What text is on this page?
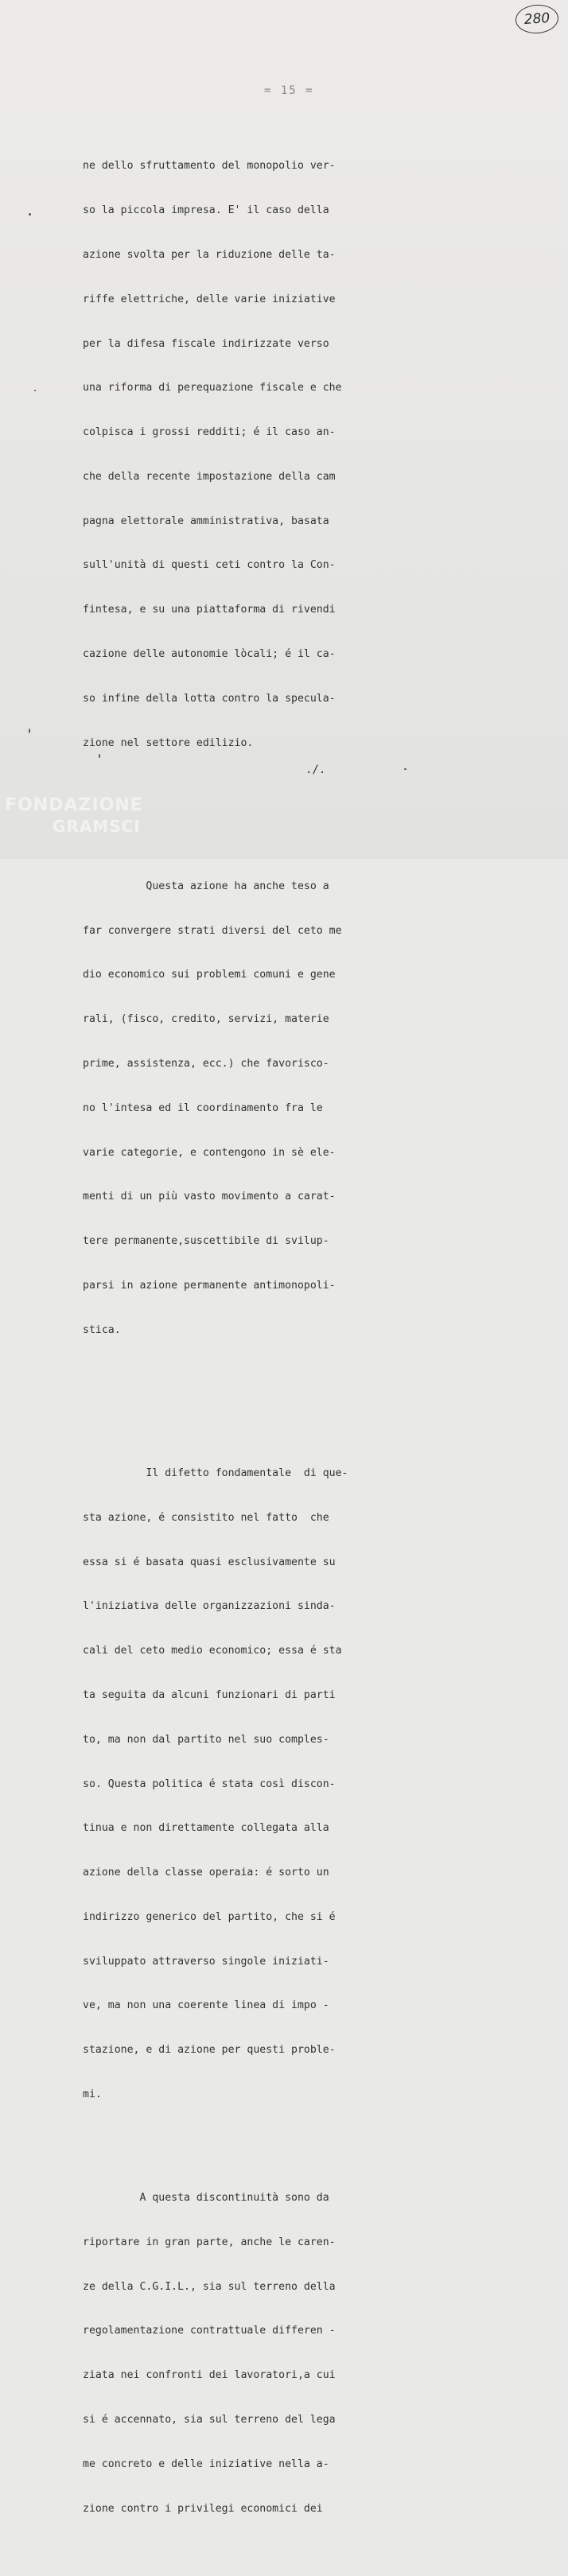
280
= 15 =

ne dello sfruttamento del monopolio ver-

so la piccola impresa. E' il caso della

azione svolta per la riduzione delle ta-

riffe elettriche, delle varie iniziative

per la difesa fiscale indirizzate verso

una riforma di perequazione fiscale e che

colpisca i grossi redditi; é il caso an-

che della recente impostazione della cam

pagna elettorale amministrativa, basata

sull'unità di questi ceti contro la Con-

fintesa, e su una piattaforma di rivendi

cazione delle autonomie lòcali; é il ca-

so infine della lotta contro la specula-

zione nel settore edilizio.

Questa azione ha anche teso a

far convergere strati diversi del ceto me

dio economico sui problemi comuni e gene

rali, (fisco, credito, servizi, materie

prime, assistenza, ecc.) che favorisco-

no l'intesa ed il coordinamento fra le

varie categorie, e contengono in sè ele-

menti di un più vasto movimento a carat-

tere permanente,suscettibile di svilup-

parsi in azione permanente antimonopoli-

stica.

Il difetto fondamentale  di que-

sta azione, é consistito nel fatto  che

essa si é basata quasi esclusivamente su

l'iniziativa delle organizzazioni sinda-

cali del ceto medio economico; essa é sta

ta seguita da alcuni funzionari di parti

to, ma non dal partito nel suo comples-

so. Questa politica é stata così discon-

tinua e non direttamente collegata alla

azione della classe operaia: é sorto un

indirizzo generico del partito, che si é

sviluppato attraverso singole iniziati-

ve, ma non una coerente linea di impo -

stazione, e di azione per questi proble-

mi.

A questa discontinuità sono da

riportare in gran parte, anche le caren-

ze della C.G.I.L., sia sul terreno della

regolamentazione contrattuale differen -

ziata nei confronti dei lavoratori,a cui

si é accennato, sia sul terreno del lega

me concreto e delle iniziative nella a-

zione contro i privilegi economici dei

./.
FONDAZIONE
GRAMSCI
